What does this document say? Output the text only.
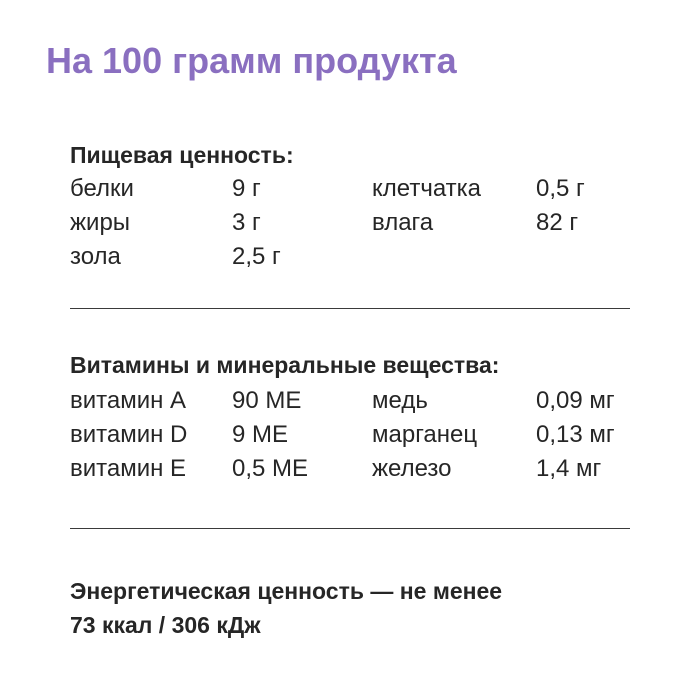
На 100 грамм продукта
Пищевая ценность:
белки	9 г	клетчатка 0,5 г
жиры	3 г	влага	82 г
зола	2,5 г
Витамины и минеральные вещества:
витамин A 90 МЕ	медь	0,09 мг
витамин D 9 МЕ	марганец 0,13 мг
витамин E 0,5 МЕ	железо	1,4 мг
Энергетическая ценность — не менее
73 ккал / 306 кДж
